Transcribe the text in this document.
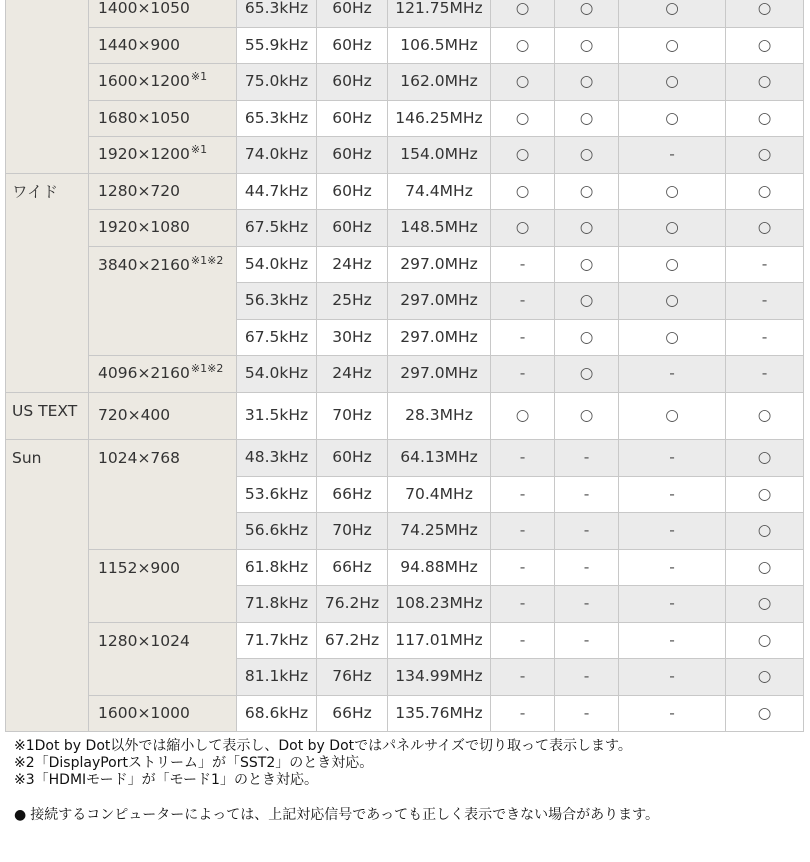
	1400×1050	65.3kHz	60Hz	121.75MHz	○	○	○	○
	1440×900	55.9kHz	60Hz	106.5MHz	○	○	○	○
	$1600\times 1200^{※1}$	75.0kHz	60Hz	162.0MHz	○	○	○	○
	1680×1050	65.3kHz	60Hz	146.25MHz	○	○	○	○
	$1920\times 1200^{※1}$	74.0kHz	60Hz	154.0MHz	○	○	-	○
ワイド	1280×720	44.7kHz	60Hz	74.4MHz	○	○	○	○
	1920×1080	67.5kHz	60Hz	148.5MHz	○	○	○	○
	$3840\times 2160^{※1※2}$	54.0kHz	24Hz	297.0MHz	-	○	○	-
		56.3kHz	25Hz	297.0MHz	-	○	○	-
		67.5kHz	30Hz	297.0MHz	-	○	○	-
	$4096\times 2160^{※1※2}$	54.0kHz	24Hz	297.0MHz	-	○	-	-
US TEXT	720×400	31.5kHz	70Hz	28.3MHz	○	○	○	○
Sun	1024×768	48.3kHz	60Hz	64.13MHz	-	-	-	○
		53.6kHz	66Hz	70.4MHz	-	-	-	○
		56.6kHz	70Hz	74.25MHz	-	-	-	○
	1152×900	61.8kHz	66Hz	94.88MHz	-	-	-	○
		71.8kHz	76.2Hz	108.23MHz	-	-	-	○
	1280×1024	71.7kHz	67.2Hz	117.01MHz	-	-	-	○
		81.1kHz	76Hz	134.99MHz	-	-	-	○
	1600×1000	68.6kHz	66Hz	135.76MHz	-	-	-	○
※1Dot by Dot以外では縮小して表示し、Dot by Dotではパネルサイズで切り取って表示します。
※2「DisplayPortストリーム」が「SST2」のとき対応。
※3「HDMIモード」が「モード1」のとき対応。
● 接続するコンピューターによっては、上記対応信号であっても正しく表示できない場合があります。
